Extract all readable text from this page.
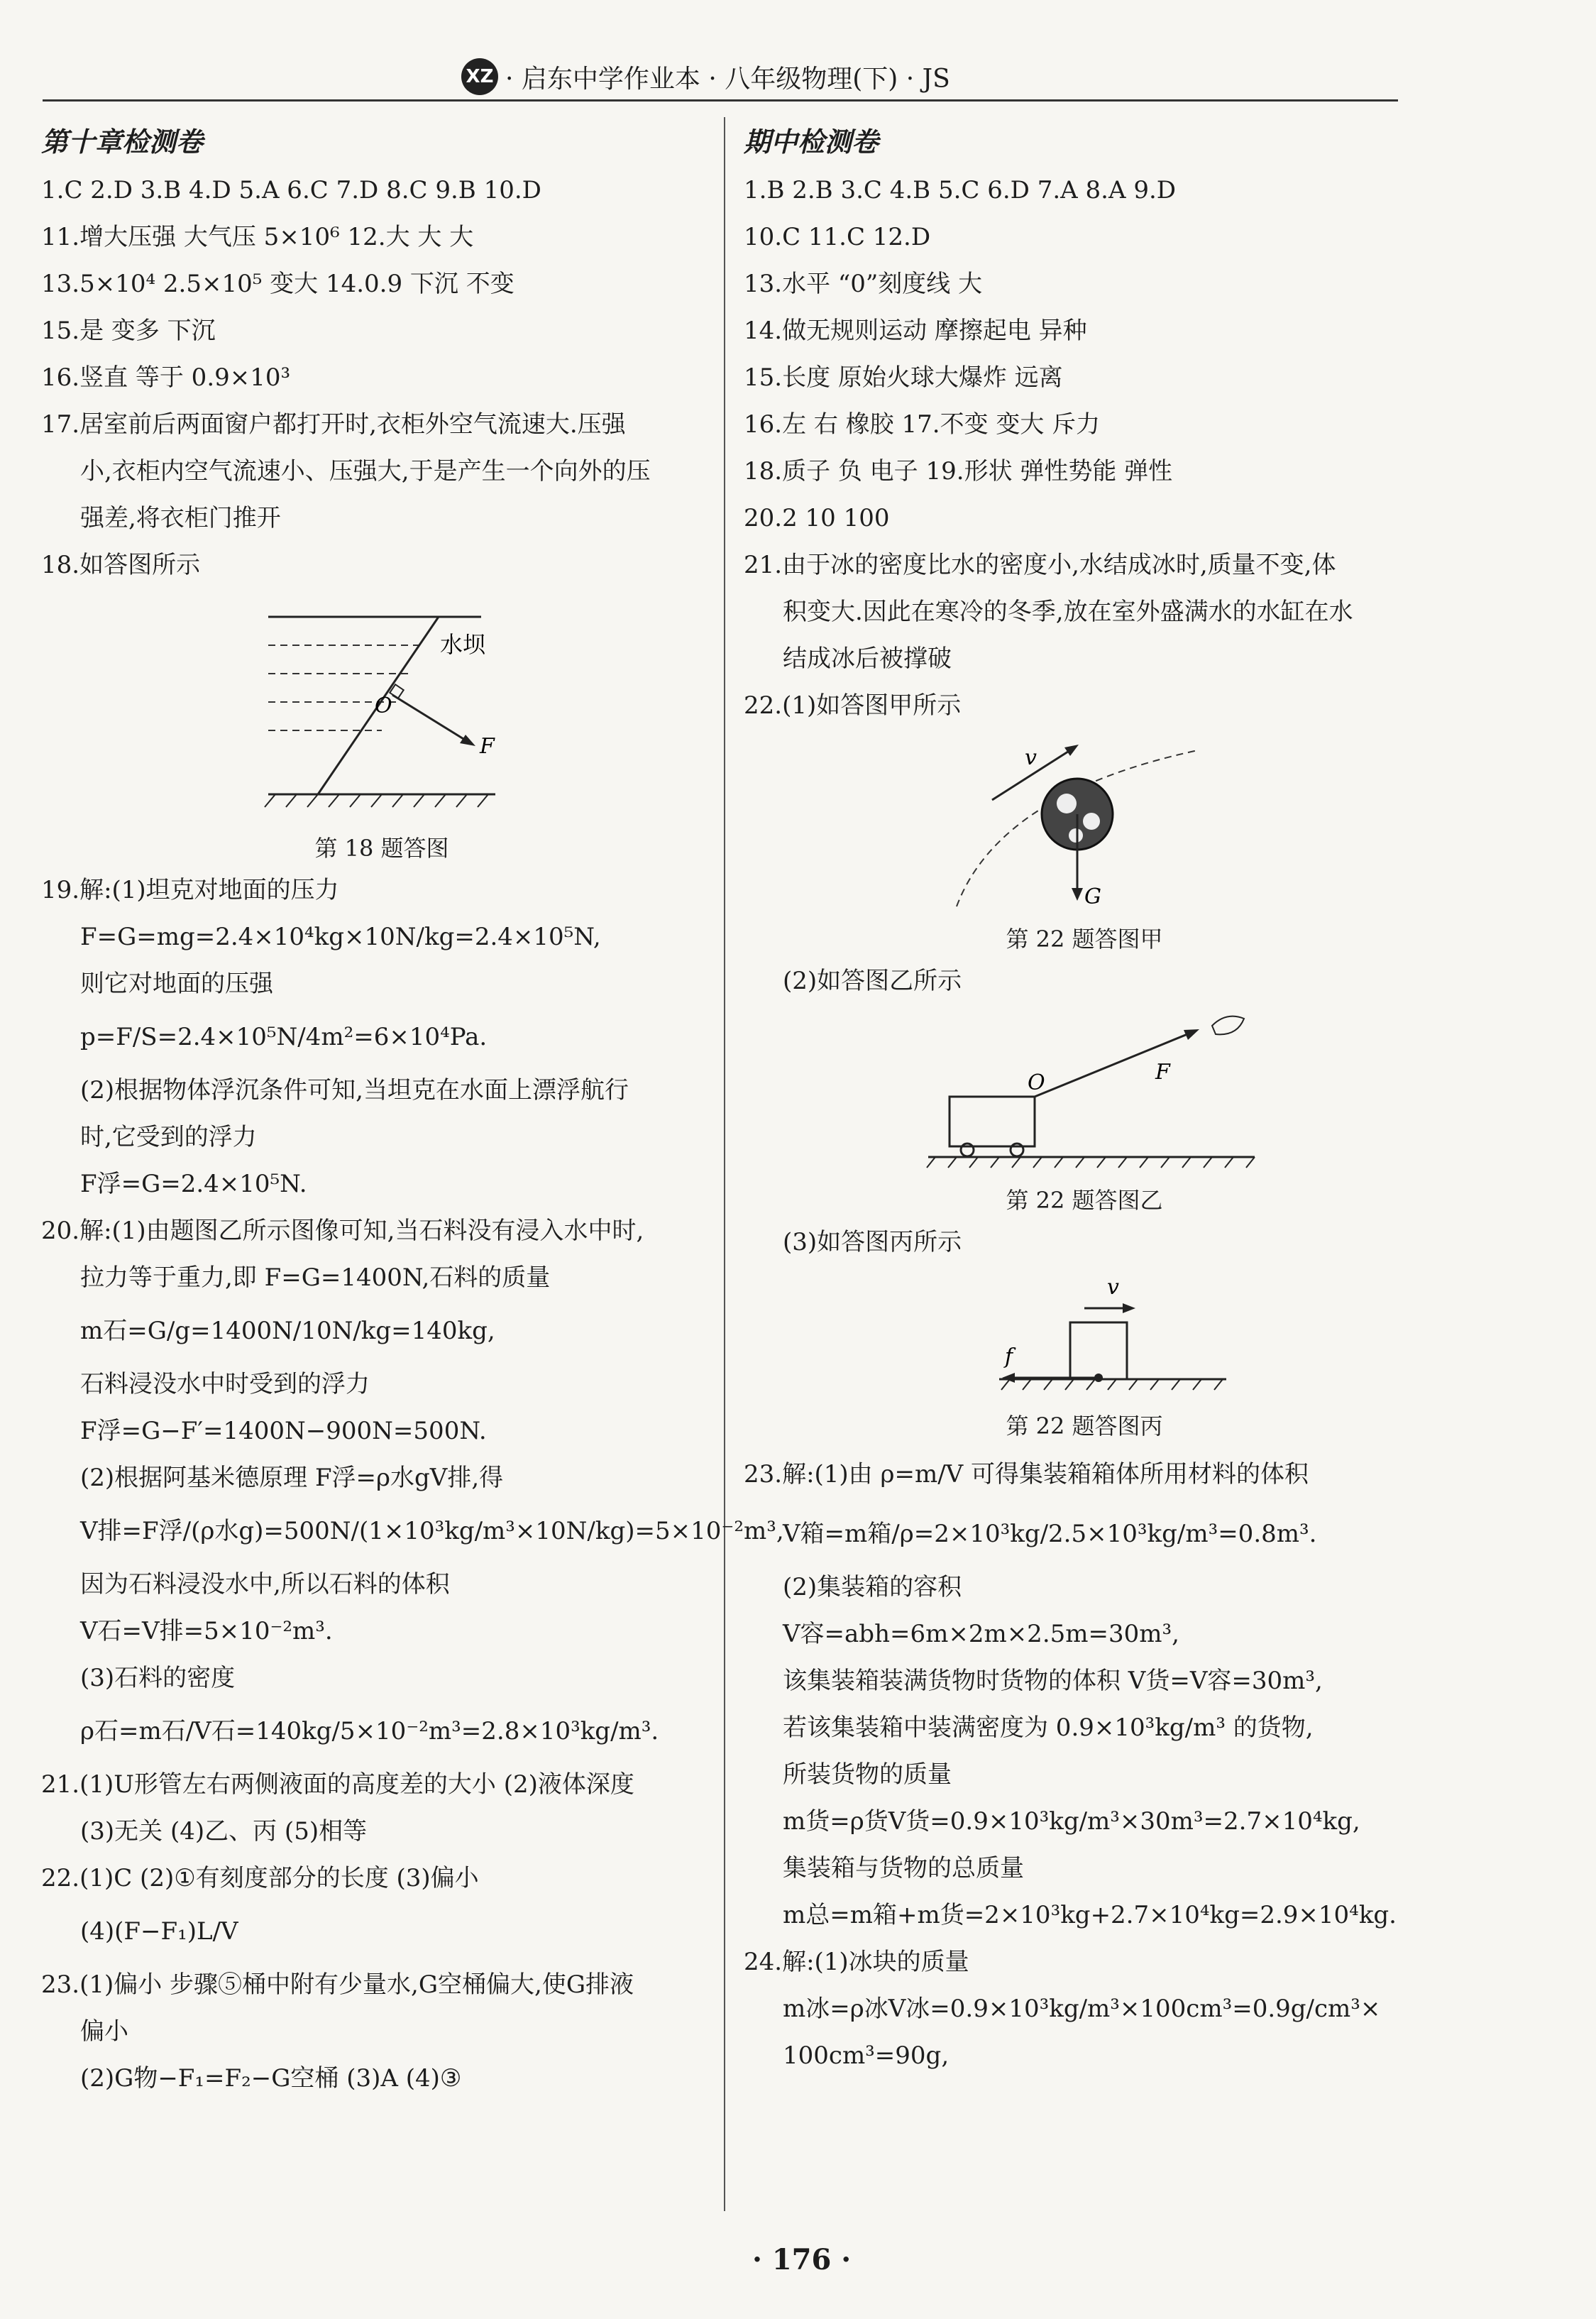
XZ · 启东中学作业本 · 八年级物理(下) · JS
第十章检测卷
1.C 2.D 3.B 4.D 5.A 6.C 7.D 8.C 9.B 10.D
11.增大压强 大气压 5×10⁶ 12.大 大 大
13.5×10⁴ 2.5×10⁵ 变大 14.0.9 下沉 不变
15.是 变多 下沉
16.竖直 等于 0.9×10³
17.居室前后两面窗户都打开时,衣柜外空气流速大.压强
小,衣柜内空气流速小、压强大,于是产生一个向外的压
强差,将衣柜门推开
18.如答图所示
水坝
O
F
第 18 题答图
19.解:(1)坦克对地面的压力
F=G=mg=2.4×10⁴kg×10N/kg=2.4×10⁵N,
则它对地面的压强
p=F/S=2.4×10⁵N/4m²=6×10⁴Pa.
(2)根据物体浮沉条件可知,当坦克在水面上漂浮航行
时,它受到的浮力
F浮=G=2.4×10⁵N.
20.解:(1)由题图乙所示图像可知,当石料没有浸入水中时,
拉力等于重力,即 F=G=1400N,石料的质量
m石=G/g=1400N/10N/kg=140kg,
石料浸没水中时受到的浮力
F浮=G−F′=1400N−900N=500N.
(2)根据阿基米德原理 F浮=ρ水gV排,得
V排=F浮/(ρ水g)=500N/(1×10³kg/m³×10N/kg)=5×10⁻²m³,
因为石料浸没水中,所以石料的体积
V石=V排=5×10⁻²m³.
(3)石料的密度
ρ石=m石/V石=140kg/5×10⁻²m³=2.8×10³kg/m³.
21.(1)U形管左右两侧液面的高度差的大小 (2)液体深度
(3)无关 (4)乙、丙 (5)相等
22.(1)C (2)①有刻度部分的长度 (3)偏小
(4)(F−F₁)L/V
23.(1)偏小 步骤⑤桶中附有少量水,G空桶偏大,使G排液
偏小
(2)G物−F₁=F₂−G空桶 (3)A (4)③
期中检测卷
1.B 2.B 3.C 4.B 5.C 6.D 7.A 8.A 9.D
10.C 11.C 12.D
13.水平 “0”刻度线 大
14.做无规则运动 摩擦起电 异种
15.长度 原始火球大爆炸 远离
16.左 右 橡胶 17.不变 变大 斥力
18.质子 负 电子 19.形状 弹性势能 弹性
20.2 10 100
21.由于冰的密度比水的密度小,水结成冰时,质量不变,体
积变大.因此在寒冷的冬季,放在室外盛满水的水缸在水
结成冰后被撑破
22.(1)如答图甲所示
v
G
第 22 题答图甲
(2)如答图乙所示
O	F
第 22 题答图乙
(3)如答图丙所示
v
f
第 22 题答图丙
23.解:(1)由 ρ=m/V 可得集装箱箱体所用材料的体积
V箱=m箱/ρ=2×10³kg/2.5×10³kg/m³=0.8m³.
(2)集装箱的容积
V容=abh=6m×2m×2.5m=30m³,
该集装箱装满货物时货物的体积 V货=V容=30m³,
若该集装箱中装满密度为 0.9×10³kg/m³ 的货物,
所装货物的质量
m货=ρ货V货=0.9×10³kg/m³×30m³=2.7×10⁴kg,
集装箱与货物的总质量
m总=m箱+m货=2×10³kg+2.7×10⁴kg=2.9×10⁴kg.
24.解:(1)冰块的质量
m冰=ρ冰V冰=0.9×10³kg/m³×100cm³=0.9g/cm³×
100cm³=90g,
· 176 ·
